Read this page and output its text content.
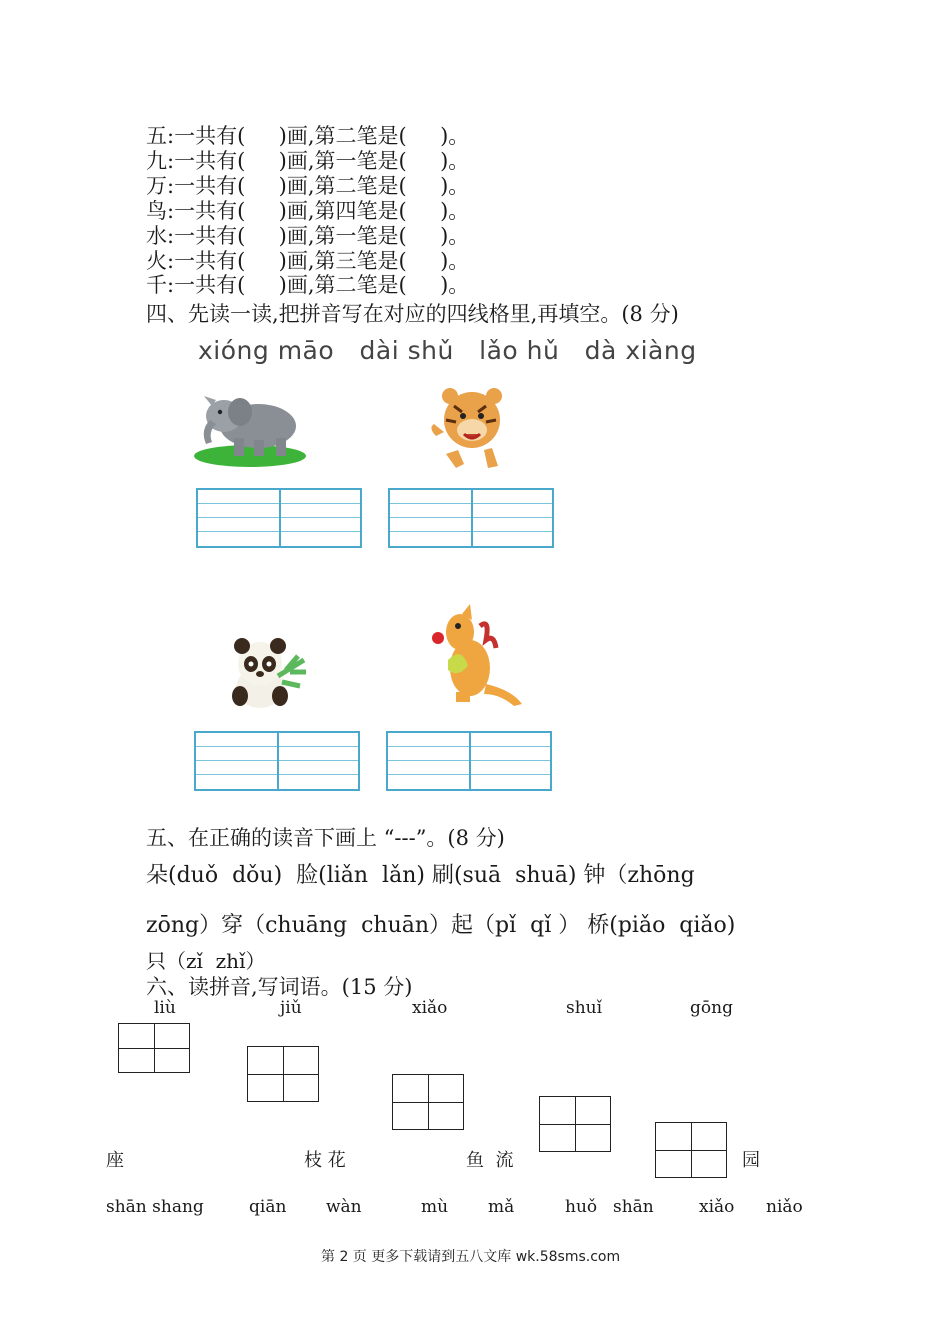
五:一共有(     )画,第二笔是(     )。
九:一共有(     )画,第一笔是(     )。
万:一共有(     )画,第二笔是(     )。
鸟:一共有(     )画,第四笔是(     )。
水:一共有(     )画,第一笔是(     )。
火:一共有(     )画,第三笔是(     )。
千:一共有(     )画,第二笔是(     )。
四、先读一读,把拼音写在对应的四线格里,再填空。(8 分)
xióng māo   dài shǔ   lǎo hǔ   dà xiàng
五、在正确的读音下画上 “---”。(8 分)
朵(duǒ  dǒu)  脸(liǎn  lǎn) 刷(suā  shuā) 钟（zhōng
zōng）穿（chuāng  chuān）起（pǐ  qǐ ） 桥(piǎo  qiǎo)
只（zǐ  zhǐ）
六、读拼音,写词语。(15 分)
liù	jiǔ	xiǎo	shuǐ	gōng
座	枝 花	鱼  流	园
shān shang	qiān wàn	mù mǎ	huǒ shān	xiǎo niǎo
第 2 页 更多下载请到五八文库 wk.58sms.com
